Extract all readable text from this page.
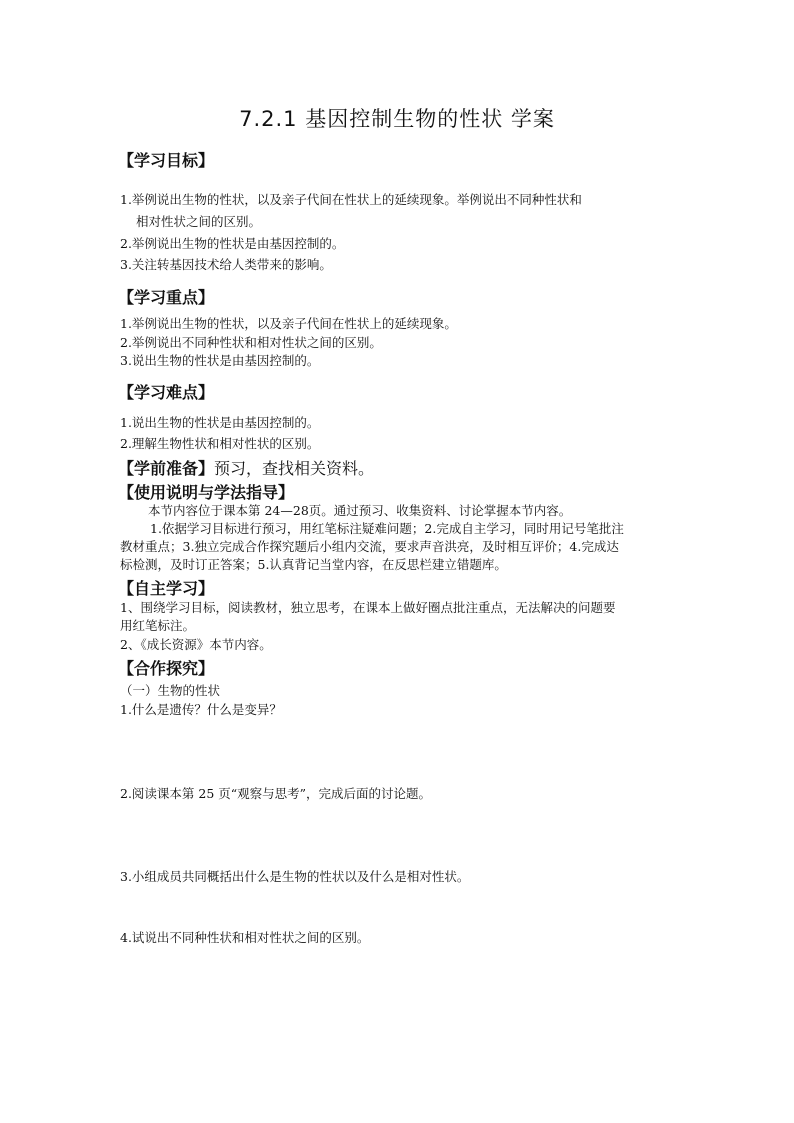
7.2.1 基因控制生物的性状 学案
【学习目标】
1.举例说出生物的性状，以及亲子代间在性状上的延续现象。举例说出不同种性状和
相对性状之间的区别。
2.举例说出生物的性状是由基因控制的。
3.关注转基因技术给人类带来的影响。
【学习重点】
1.举例说出生物的性状，以及亲子代间在性状上的延续现象。
2.举例说出不同种性状和相对性状之间的区别。
3.说出生物的性状是由基因控制的。
【学习难点】
1.说出生物的性状是由基因控制的。
2.理解生物性状和相对性状的区别。
【学前准备】预习，查找相关资料。
【使用说明与学法指导】
本节内容位于课本第 24—28页。通过预习、收集资料、讨论掌握本节内容。
1.依据学习目标进行预习，用红笔标注疑难问题；2.完成自主学习，同时用记号笔批注
教材重点；3.独立完成合作探究题后小组内交流，要求声音洪亮，及时相互评价；4.完成达
标检测，及时订正答案；5.认真背记当堂内容，在反思栏建立错题库。
【自主学习】
1、围绕学习目标，阅读教材，独立思考，在课本上做好圈点批注重点，无法解决的问题要
用红笔标注。
2、《成长资源》本节内容。
【合作探究】
（一）生物的性状
1.什么是遗传？什么是变异？
2.阅读课本第 25 页“观察与思考”，完成后面的讨论题。
3.小组成员共同概括出什么是生物的性状以及什么是相对性状。
4.试说出不同种性状和相对性状之间的区别。
